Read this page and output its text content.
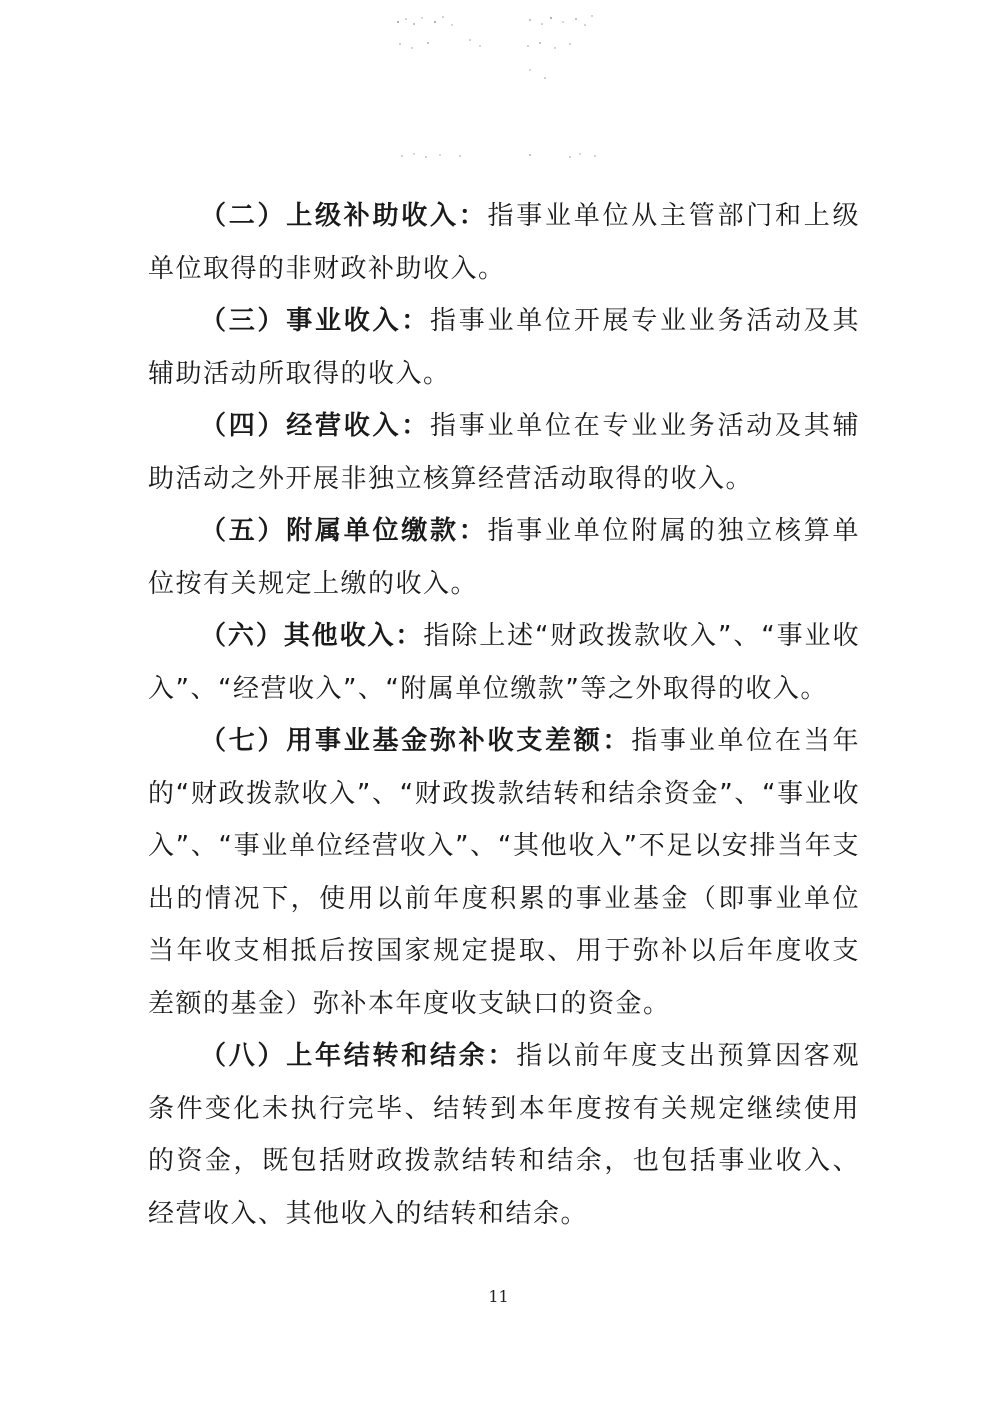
（二）上级补助收入：指事业单位从主管部门和上级单位取得的非财政补助收入。

（三）事业收入：指事业单位开展专业业务活动及其辅助活动所取得的收入。

（四）经营收入：指事业单位在专业业务活动及其辅助活动之外开展非独立核算经营活动取得的收入。

（五）附属单位缴款：指事业单位附属的独立核算单位按有关规定上缴的收入。

（六）其他收入：指除上述“财政拨款收入”、“事业收入”、“经营收入”、“附属单位缴款”等之外取得的收入。

（七）用事业基金弥补收支差额：指事业单位在当年的“财政拨款收入”、“财政拨款结转和结余资金”、“事业收入”、“事业单位经营收入”、“其他收入”不足以安排当年支出的情况下，使用以前年度积累的事业基金（即事业单位当年收支相抵后按国家规定提取、用于弥补以后年度收支差额的基金）弥补本年度收支缺口的资金。

（八）上年结转和结余：指以前年度支出预算因客观条件变化未执行完毕、结转到本年度按有关规定继续使用的资金，既包括财政拨款结转和结余，也包括事业收入、经营收入、其他收入的结转和结余。

11
